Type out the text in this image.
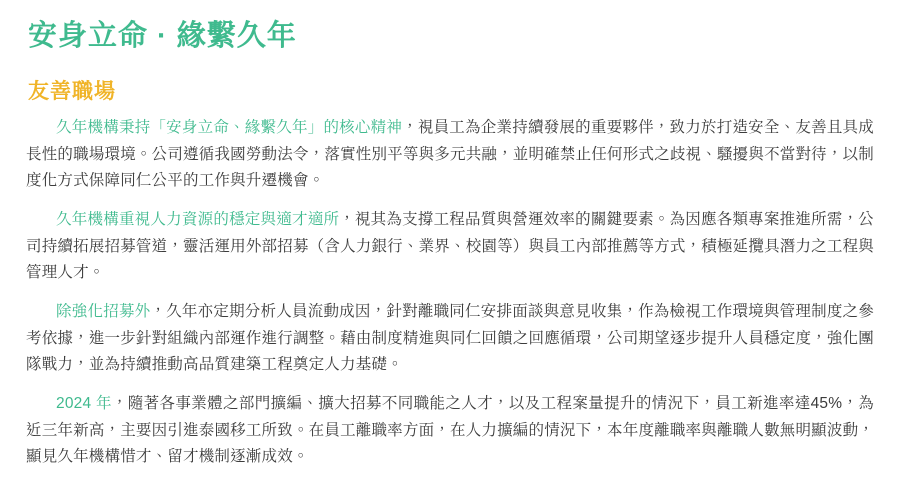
安身立命 · 緣繫久年
友善職場

久年機構秉持「安身立命、緣繫久年」的核心精神，視員工為企業持續發展的重要夥伴，致力於打造安全、友善且具成長性的職場環境。公司遵循我國勞動法令，落實性別平等與多元共融，並明確禁止任何形式之歧視、騷擾與不當對待，以制度化方式保障同仁公平的工作與升遷機會。

久年機構重視人力資源的穩定與適才適所，視其為支撐工程品質與營運效率的關鍵要素。為因應各類專案推進所需，公司持續拓展招募管道，靈活運用外部招募（含人力銀行、業界、校園等）與員工內部推薦等方式，積極延攬具潛力之工程與管理人才。

除強化招募外，久年亦定期分析人員流動成因，針對離職同仁安排面談與意見收集，作為檢視工作環境與管理制度之參考依據，進一步針對組織內部運作進行調整。藉由制度精進與同仁回饋之回應循環，公司期望逐步提升人員穩定度，強化團隊戰力，並為持續推動高品質建築工程奠定人力基礎。

2024 年，隨著各事業體之部門擴編、擴大招募不同職能之人才，以及工程案量提升的情況下，員工新進率達45%，為近三年新高，主要因引進泰國移工所致。在員工離職率方面，在人力擴編的情況下，本年度離職率與離職人數無明顯波動，顯見久年機構惜才、留才機制逐漸成效。
